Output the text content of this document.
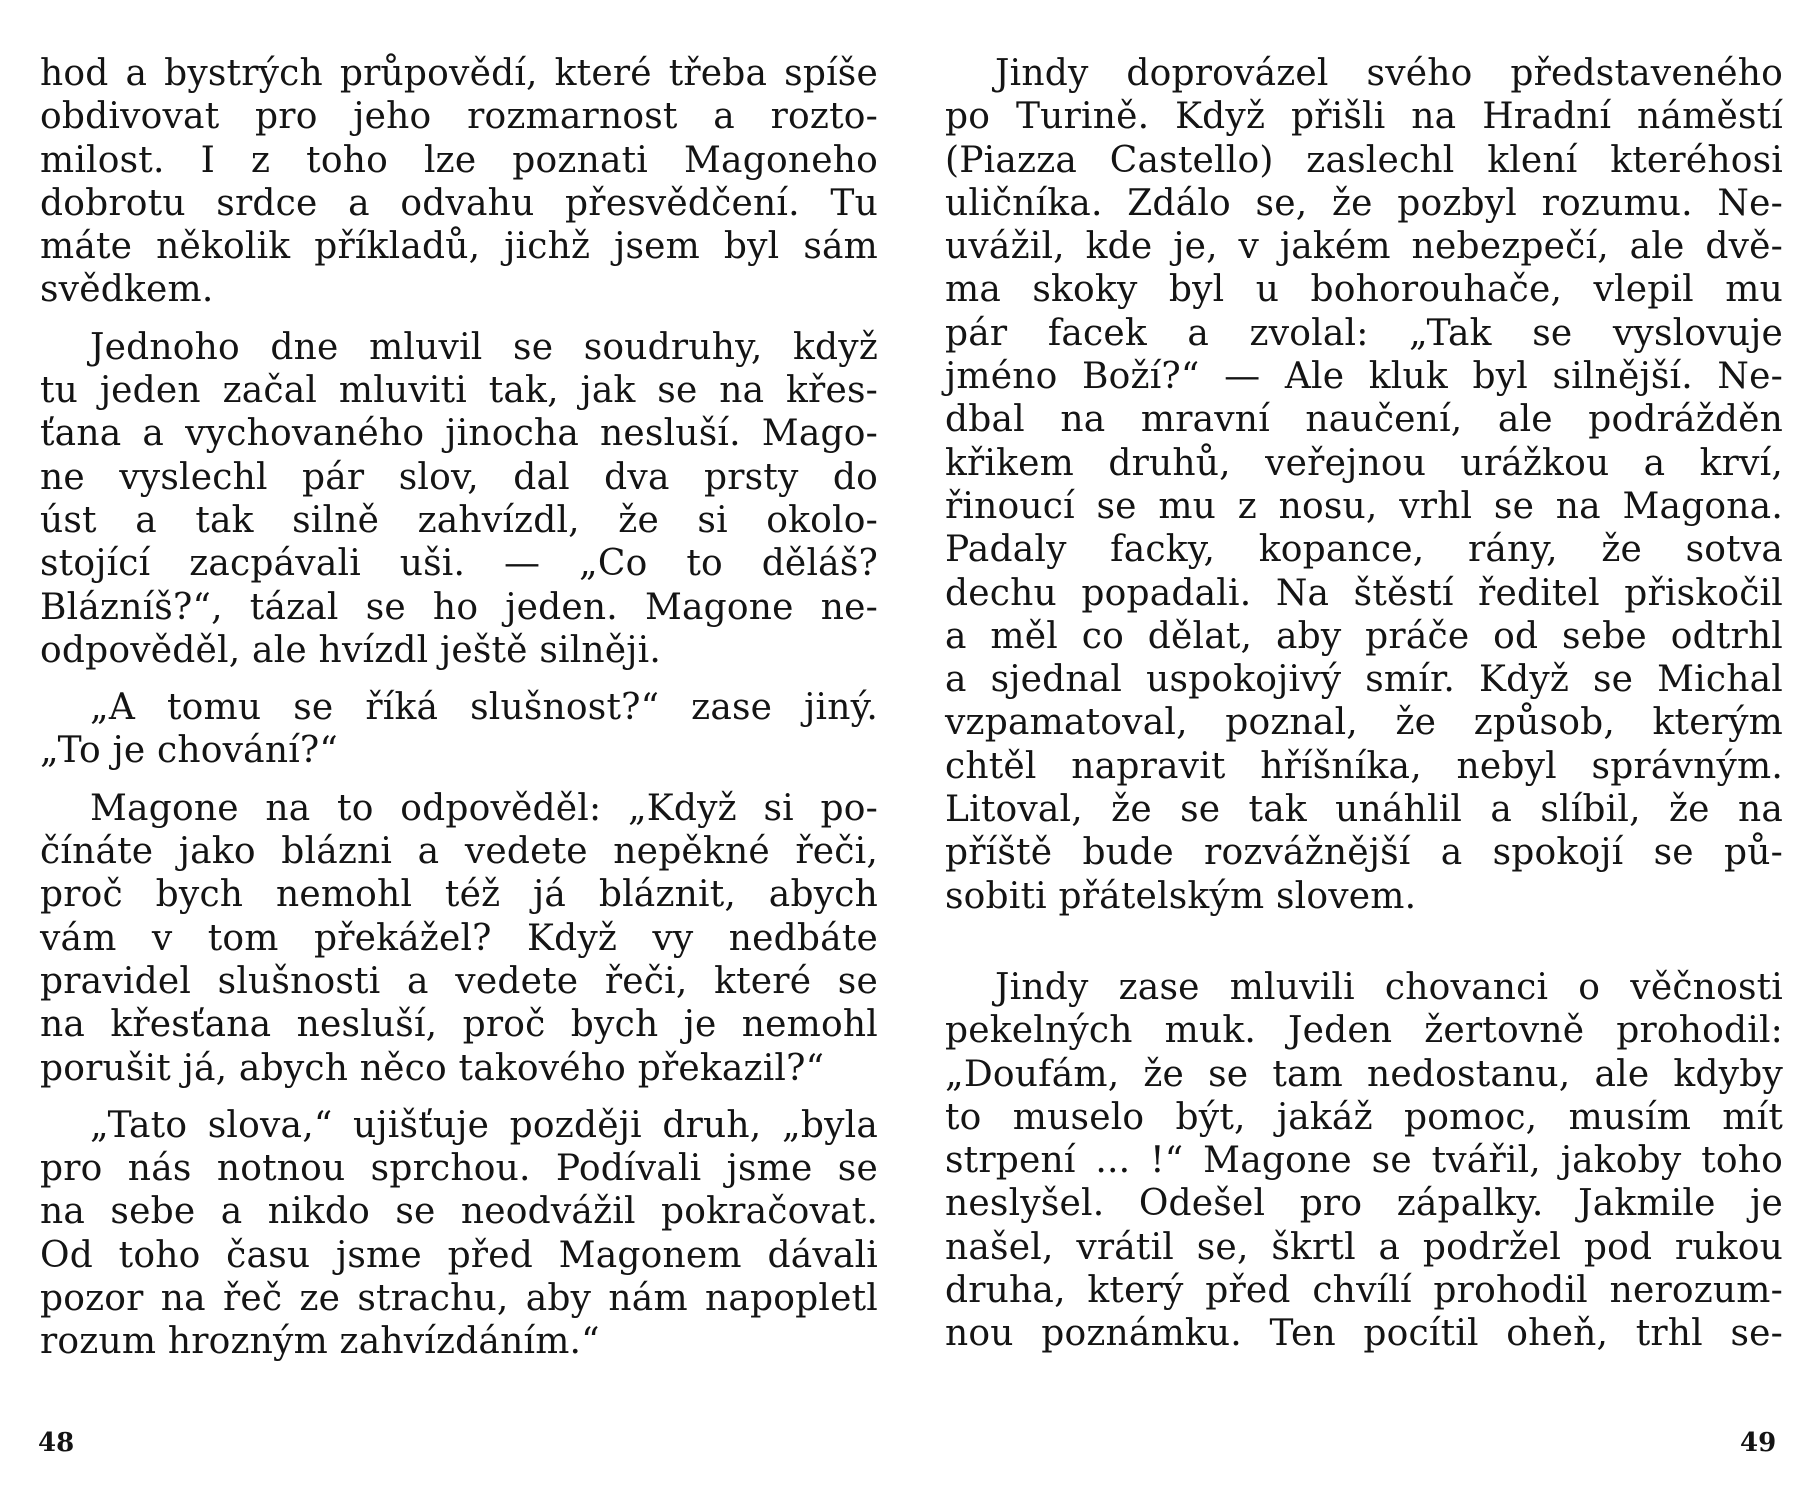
hod a bystrých průpovědí, které třeba spíše
obdivovat pro jeho rozmarnost a rozto-
milost. I z toho lze poznati Magoneho
dobrotu srdce a odvahu přesvědčení. Tu
máte několik příkladů, jichž jsem byl sám
svědkem.
Jednoho dne mluvil se soudruhy, když
tu jeden začal mluviti tak, jak se na křes-
ťana a vychovaného jinocha nesluší. Mago-
ne vyslechl pár slov, dal dva prsty do
úst a tak silně zahvízdl, že si okolo-
stojící zacpávali uši. — „Co to děláš?
Blázníš?“, tázal se ho jeden. Magone ne-
odpověděl, ale hvízdl ještě silněji.
„A tomu se říká slušnost?“ zase jiný.
„To je chování?“
Magone na to odpověděl: „Když si po-
čínáte jako blázni a vedete nepěkné řeči,
proč bych nemohl též já bláznit, abych
vám v tom překážel? Když vy nedbáte
pravidel slušnosti a vedete řeči, které se
na křesťana nesluší, proč bych je nemohl
porušit já, abych něco takového překazil?“
„Tato slova,“ ujišťuje později druh, „byla
pro nás notnou sprchou. Podívali jsme se
na sebe a nikdo se neodvážil pokračovat.
Od toho času jsme před Magonem dávali
pozor na řeč ze strachu, aby nám napopletl
rozum hrozným zahvízdáním.“
Jindy doprovázel svého představeného
po Turině. Když přišli na Hradní náměstí
(Piazza Castello) zaslechl klení kteréhosi
uličníka. Zdálo se, že pozbyl rozumu. Ne-
uvážil, kde je, v jakém nebezpečí, ale dvě-
ma skoky byl u bohorouhače, vlepil mu
pár facek a zvolal: „Tak se vyslovuje
jméno Boží?“ — Ale kluk byl silnější. Ne-
dbal na mravní naučení, ale podrážděn
křikem druhů, veřejnou urážkou a krví,
řinoucí se mu z nosu, vrhl se na Magona.
Padaly facky, kopance, rány, že sotva
dechu popadali. Na štěstí ředitel přiskočil
a měl co dělat, aby práče od sebe odtrhl
a sjednal uspokojivý smír. Když se Michal
vzpamatoval, poznal, že způsob, kterým
chtěl napravit hříšníka, nebyl správným.
Litoval, že se tak unáhlil a slíbil, že na
příště bude rozvážnější a spokojí se pů-
sobiti přátelským slovem.
Jindy zase mluvili chovanci o věčnosti
pekelných muk. Jeden žertovně prohodil:
„Doufám, že se tam nedostanu, ale kdyby
to muselo být, jakáž pomoc, musím mít
strpení ... !“ Magone se tvářil, jakoby toho
neslyšel. Odešel pro zápalky. Jakmile je
našel, vrátil se, škrtl a podržel pod rukou
druha, který před chvílí prohodil nerozum-
nou poznámku. Ten pocítil oheň, trhl se-
48	49
